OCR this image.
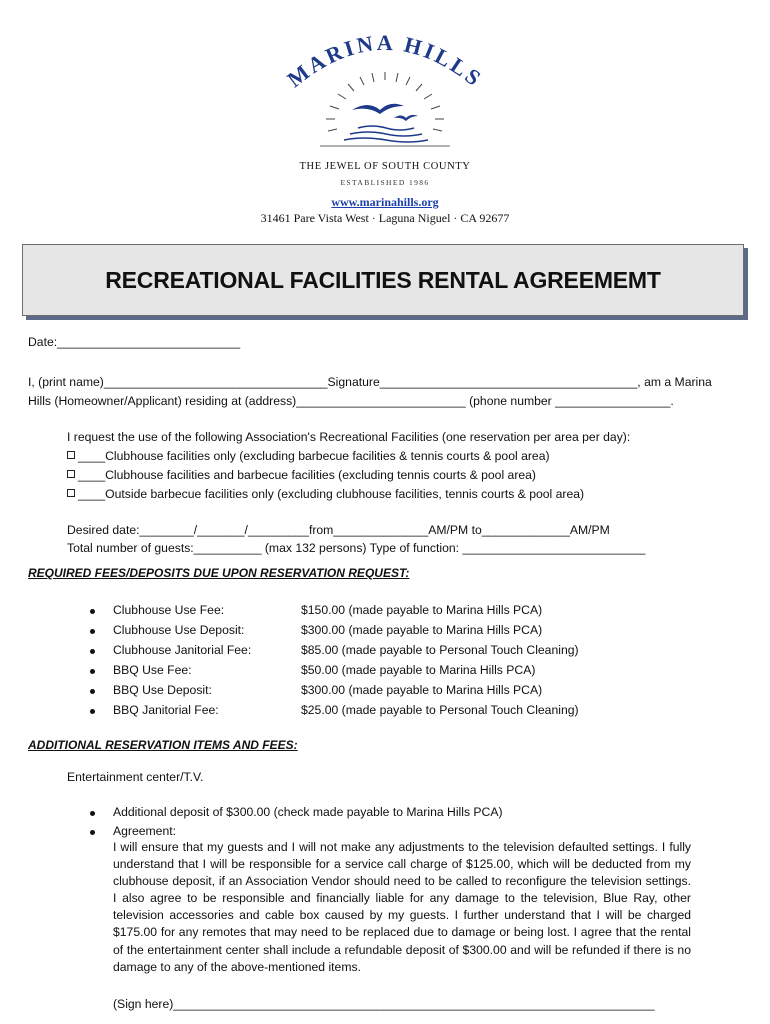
MARINA HILLS
THE JEWEL OF SOUTH COUNTY
ESTABLISHED 1986
www.marinahills.org
31461 Pare Vista West · Laguna Niguel · CA 92677
RECREATIONAL FACILITIES RENTAL AGREEMEMT
Date:___________________________
I, (print name)_________________________________Signature______________________________________, am a Marina
Hills (Homeowner/Applicant) residing at (address)_________________________ (phone number _________________.
I request the use of the following Association's Recreational Facilities (one reservation per area per day):
____Clubhouse facilities only (excluding barbecue facilities & tennis courts & pool area)
____Clubhouse facilities and barbecue facilities (excluding tennis courts & pool area)
____Outside barbecue facilities only (excluding clubhouse facilities, tennis courts & pool area)
Desired date:________/_______/_________from______________AM/PM to_____________AM/PM
Total number of guests:__________ (max 132 persons) Type of function: ___________________________
REQUIRED FEES/DEPOSITS DUE UPON RESERVATION REQUEST:
Clubhouse Use Fee:	$150.00 (made payable to Marina Hills PCA)
Clubhouse Use Deposit:	$300.00 (made payable to Marina Hills PCA)
Clubhouse Janitorial Fee:	$85.00 (made payable to Personal Touch Cleaning)
BBQ Use Fee:	$50.00 (made payable to Marina Hills PCA)
BBQ Use Deposit:	$300.00 (made payable to Marina Hills PCA)
BBQ Janitorial Fee:	$25.00 (made payable to Personal Touch Cleaning)
ADDITIONAL RESERVATION ITEMS AND FEES:
Entertainment center/T.V.
Additional deposit of $300.00 (check made payable to Marina Hills PCA)
Agreement:
I will ensure that my guests and I will not make any adjustments to the television defaulted settings. I fully understand that I will be responsible for a service call charge of $125.00, which will be deducted from my clubhouse deposit, if an Association Vendor should need to be called to reconfigure the television settings. I also agree to be responsible and financially liable for any damage to the television, Blue Ray, other television accessories and cable box caused by my guests. I further understand that I will be charged $175.00 for any remotes that may need to be replaced due to damage or being lost. I agree that the rental of the entertainment center shall include a refundable deposit of $300.00 and will be refunded if there is no damage to any of the above-mentioned items.
(Sign here)_______________________________________________________________________
